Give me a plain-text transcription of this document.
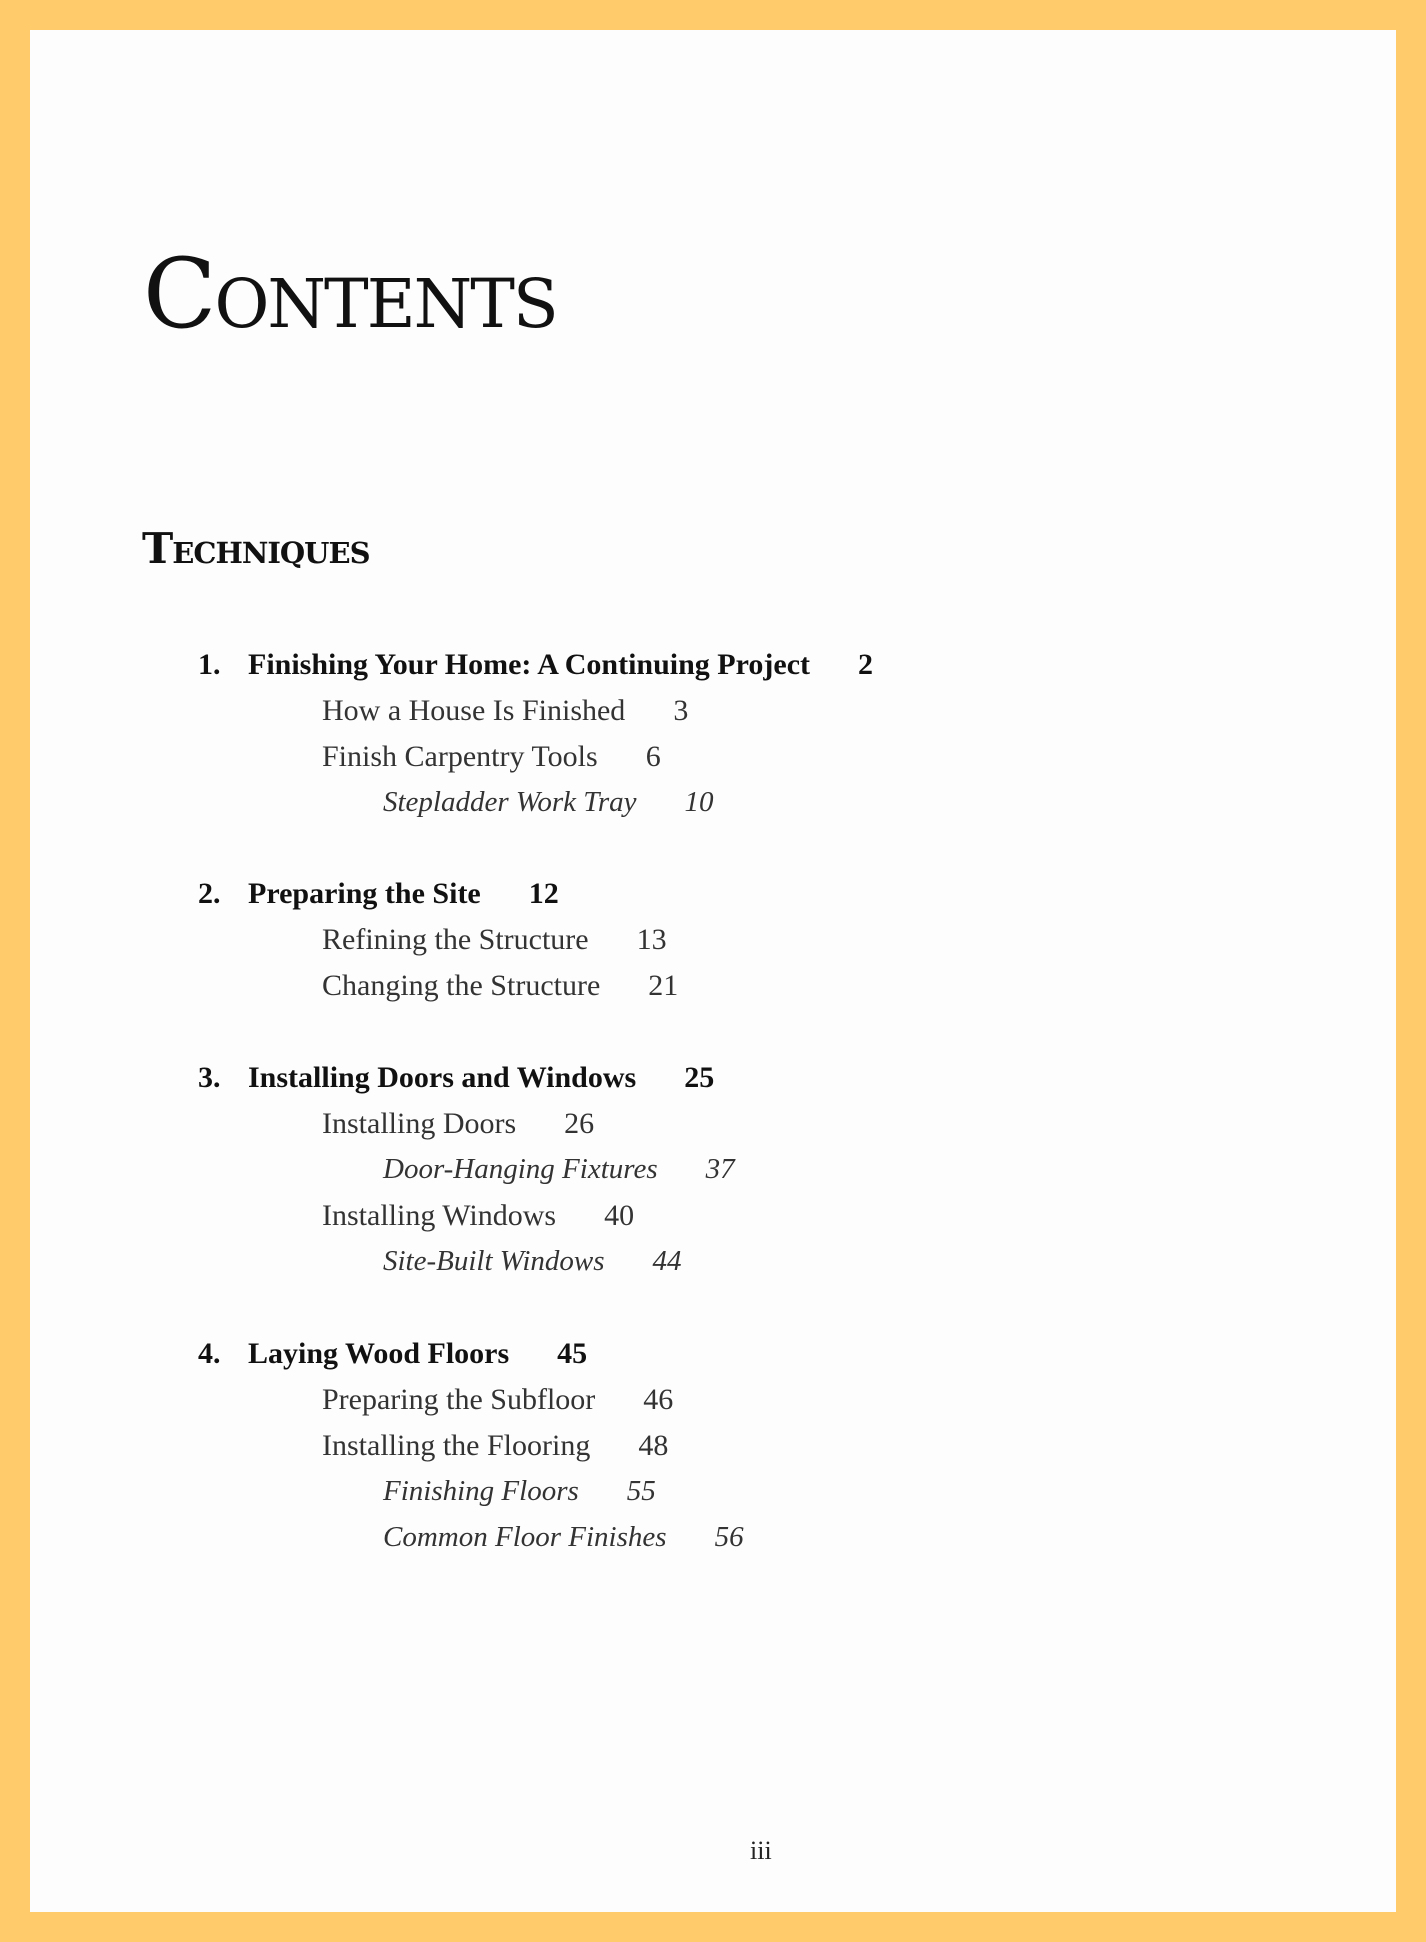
Contents
Techniques
1. Finishing Your Home: A Continuing Project 2
How a House Is Finished 3
Finish Carpentry Tools 6
Stepladder Work Tray 10
2. Preparing the Site 12
Refining the Structure 13
Changing the Structure 21
3. Installing Doors and Windows 25
Installing Doors 26
Door-Hanging Fixtures 37
Installing Windows 40
Site-Built Windows 44
4. Laying Wood Floors 45
Preparing the Subfloor 46
Installing the Flooring 48
Finishing Floors 55
Common Floor Finishes 56
iii
